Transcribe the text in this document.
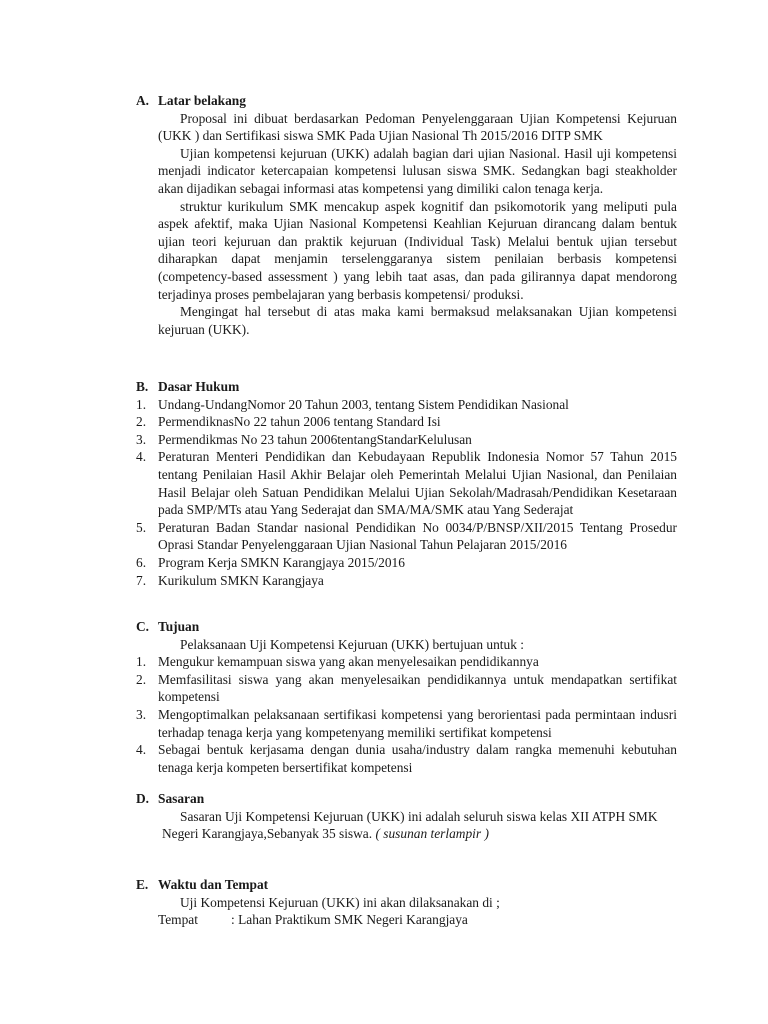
A. Latar belakang

Proposal ini dibuat berdasarkan Pedoman Penyelenggaraan Ujian Kompetensi Kejuruan (UKK ) dan Sertifikasi siswa SMK Pada Ujian Nasional Th 2015/2016 DITP SMK

Ujian kompetensi kejuruan (UKK) adalah bagian dari ujian Nasional. Hasil uji kompetensi menjadi indicator ketercapaian kompetensi lulusan siswa SMK. Sedangkan bagi steakholder akan dijadikan sebagai informasi atas kompetensi yang dimiliki calon tenaga kerja.

struktur kurikulum SMK mencakup aspek kognitif dan psikomotorik yang meliputi pula aspek afektif, maka Ujian Nasional Kompetensi Keahlian Kejuruan dirancang dalam bentuk ujian teori kejuruan dan praktik kejuruan (Individual Task) Melalui bentuk ujian tersebut diharapkan dapat menjamin terselenggaranya sistem penilaian berbasis kompetensi (competency-based assessment ) yang lebih taat asas, dan pada gilirannya dapat mendorong terjadinya proses pembelajaran yang berbasis kompetensi/ produksi.

Mengingat hal tersebut di atas maka kami bermaksud melaksanakan Ujian kompetensi kejuruan (UKK).

B. Dasar Hukum
1. Undang-UndangNomor 20 Tahun 2003, tentang Sistem Pendidikan Nasional
2. PermendiknasNo 22 tahun 2006 tentang Standard Isi
3. Permendikmas No 23 tahun 2006tentangStandarKelulusan
4. Peraturan Menteri Pendidikan dan Kebudayaan Republik Indonesia Nomor 57 Tahun 2015 tentang Penilaian Hasil Akhir Belajar oleh Pemerintah Melalui Ujian Nasional, dan Penilaian Hasil Belajar oleh Satuan Pendidikan Melalui Ujian Sekolah/Madrasah/Pendidikan Kesetaraan pada SMP/MTs atau Yang Sederajat dan SMA/MA/SMK atau Yang Sederajat
5. Peraturan Badan Standar nasional Pendidikan No 0034/P/BNSP/XII/2015 Tentang Prosedur Oprasi Standar Penyelenggaraan Ujian Nasional Tahun Pelajaran 2015/2016
6. Program Kerja SMKN Karangjaya 2015/2016
7. Kurikulum SMKN Karangjaya
C. Tujuan

Pelaksanaan Uji Kompetensi Kejuruan (UKK) bertujuan untuk :

1. Mengukur kemampuan siswa yang akan menyelesaikan pendidikannya
2. Memfasilitasi siswa yang akan menyelesaikan pendidikannya untuk mendapatkan sertifikat kompetensi
3. Mengoptimalkan pelaksanaan sertifikasi kompetensi yang berorientasi pada permintaan indusri terhadap tenaga kerja yang kompetenyang memiliki sertifikat kompetensi
4. Sebagai bentuk kerjasama dengan dunia usaha/industry dalam rangka memenuhi kebutuhan tenaga kerja kompeten bersertifikat kompetensi
D. Sasaran

Sasaran Uji Kompetensi Kejuruan (UKK) ini adalah seluruh siswa kelas XII ATPH SMK

Negeri Karangjaya,Sebanyak 35 siswa. ( susunan terlampir )

E. Waktu dan Tempat

Uji Kompetensi Kejuruan (UKK) ini akan dilaksanakan di ;

Tempat	: Lahan Praktikum SMK Negeri Karangjaya
